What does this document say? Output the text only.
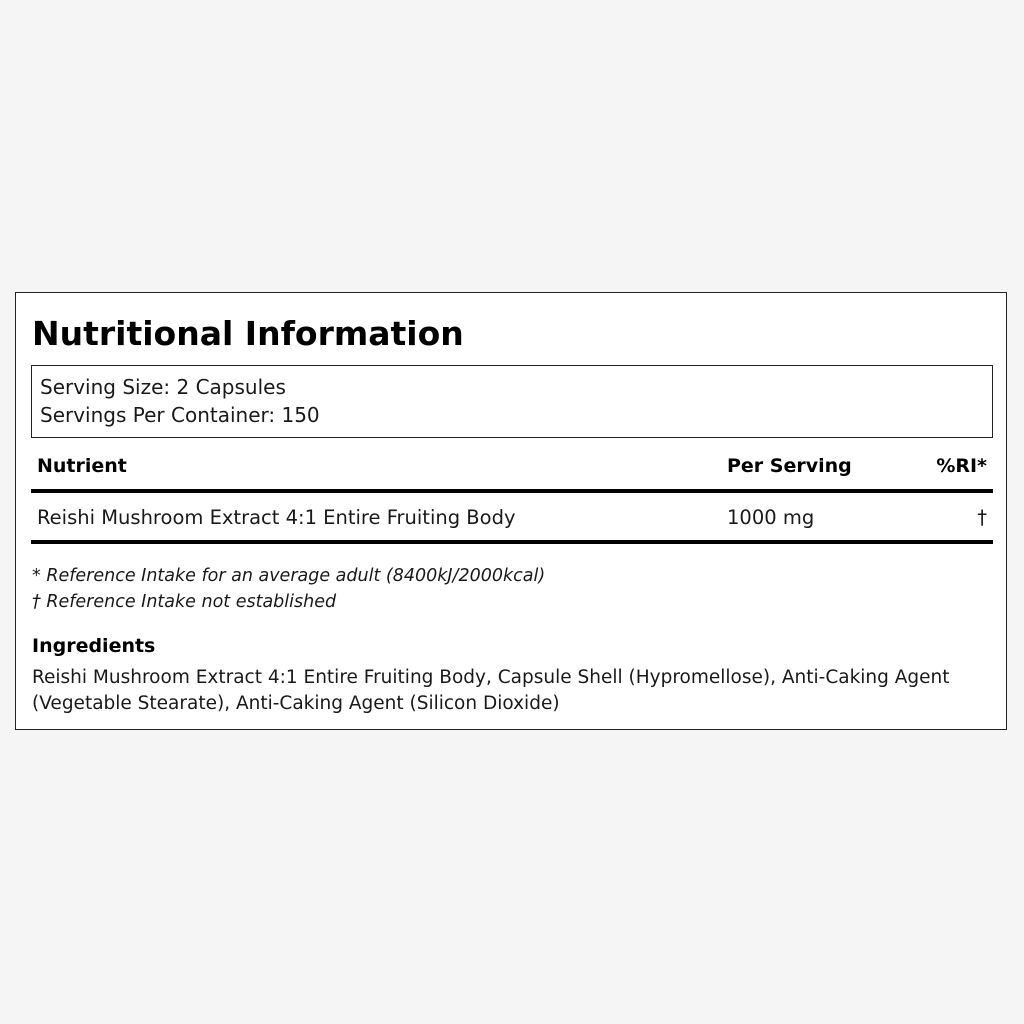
Nutritional Information
Serving Size: 2 Capsules
Servings Per Container: 150
Nutrient	Per Serving	%RI*
Reishi Mushroom Extract 4:1 Entire Fruiting Body	1000 mg	†
* Reference Intake for an average adult (8400kJ/2000kcal)
† Reference Intake not established
Ingredients
Reishi Mushroom Extract 4:1 Entire Fruiting Body, Capsule Shell (Hypromellose), Anti-Caking Agent
(Vegetable Stearate), Anti-Caking Agent (Silicon Dioxide)
